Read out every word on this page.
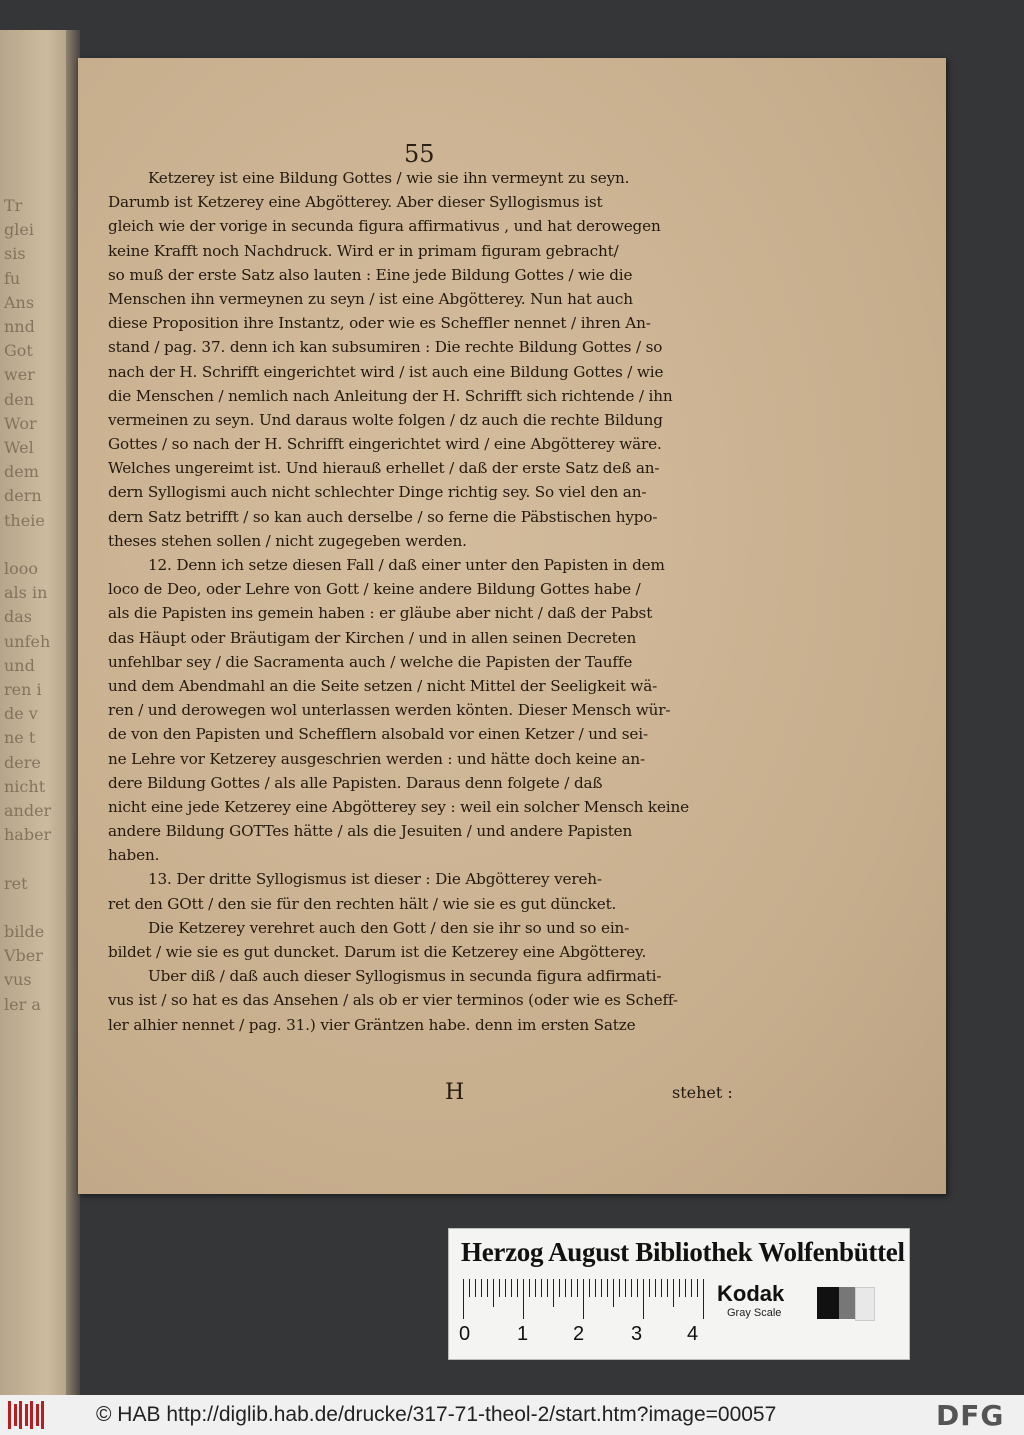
Tr
glei
sis
fu
Ans
nnd
Got
wer
den
Wor
Wel
dem
dern
theie
looo
als in
das
unfeh
und
ren i
de v
ne t
dere
nicht
ander
haber
ret
bilde
Vber
vus
ler a
55
Ketzerey ist eine Bildung Gottes / wie sie ihn vermeynt zu seyn.
Darumb ist Ketzerey eine Abgötterey. Aber dieser Syllogismus ist
gleich wie der vorige in secunda figura affirmativus , und hat derowegen
keine Krafft noch Nachdruck. Wird er in primam figuram gebracht/
so muß der erste Satz also lauten : Eine jede Bildung Gottes / wie die
Menschen ihn vermeynen zu seyn / ist eine Abgötterey. Nun hat auch
diese Proposition ihre Instantz, oder wie es Scheffler nennet / ihren An-
stand / pag. 37. denn ich kan subsumiren : Die rechte Bildung Gottes / so
nach der H. Schrifft eingerichtet wird / ist auch eine Bildung Gottes / wie
die Menschen / nemlich nach Anleitung der H. Schrifft sich richtende / ihn
vermeinen zu seyn. Und daraus wolte folgen / dz auch die rechte Bildung
Gottes / so nach der H. Schrifft eingerichtet wird / eine Abgötterey wäre.
Welches ungereimt ist. Und hierauß erhellet / daß der erste Satz deß an-
dern Syllogismi auch nicht schlechter Dinge richtig sey. So viel den an-
dern Satz betrifft / so kan auch derselbe / so ferne die Päbstischen hypo-
theses stehen sollen / nicht zugegeben werden.
12. Denn ich setze diesen Fall / daß einer unter den Papisten in dem
loco de Deo, oder Lehre von Gott / keine andere Bildung Gottes habe /
als die Papisten ins gemein haben : er gläube aber nicht / daß der Pabst
das Häupt oder Bräutigam der Kirchen / und in allen seinen Decreten
unfehlbar sey / die Sacramenta auch / welche die Papisten der Tauffe
und dem Abendmahl an die Seite setzen / nicht Mittel der Seeligkeit wä-
ren / und derowegen wol unterlassen werden könten. Dieser Mensch wür-
de von den Papisten und Schefflern alsobald vor einen Ketzer / und sei-
ne Lehre vor Ketzerey ausgeschrien werden : und hätte doch keine an-
dere Bildung Gottes / als alle Papisten. Daraus denn folgete / daß
nicht eine jede Ketzerey eine Abgötterey sey : weil ein solcher Mensch keine
andere Bildung GOTTes hätte / als die Jesuiten / und andere Papisten
haben.
13. Der dritte Syllogismus ist dieser : Die Abgötterey vereh-
ret den GOtt / den sie für den rechten hält / wie sie es gut düncket.
Die Ketzerey verehret auch den Gott / den sie ihr so und so ein-
bildet / wie sie es gut duncket. Darum ist die Ketzerey eine Abgötterey.
Uber diß / daß auch dieser Syllogismus in secunda figura adfirmati-
vus ist / so hat es das Ansehen / als ob er vier terminos (oder wie es Scheff-
ler alhier nennet / pag. 31.) vier Gräntzen habe. denn im ersten Satze
H	stehet :
Herzog August Bibliothek Wolfenbüttel
0 1 2 3 4
Kodak
Gray Scale
© HAB http://diglib.hab.de/drucke/317-71-theol-2/start.htm?image=00057	DFG
